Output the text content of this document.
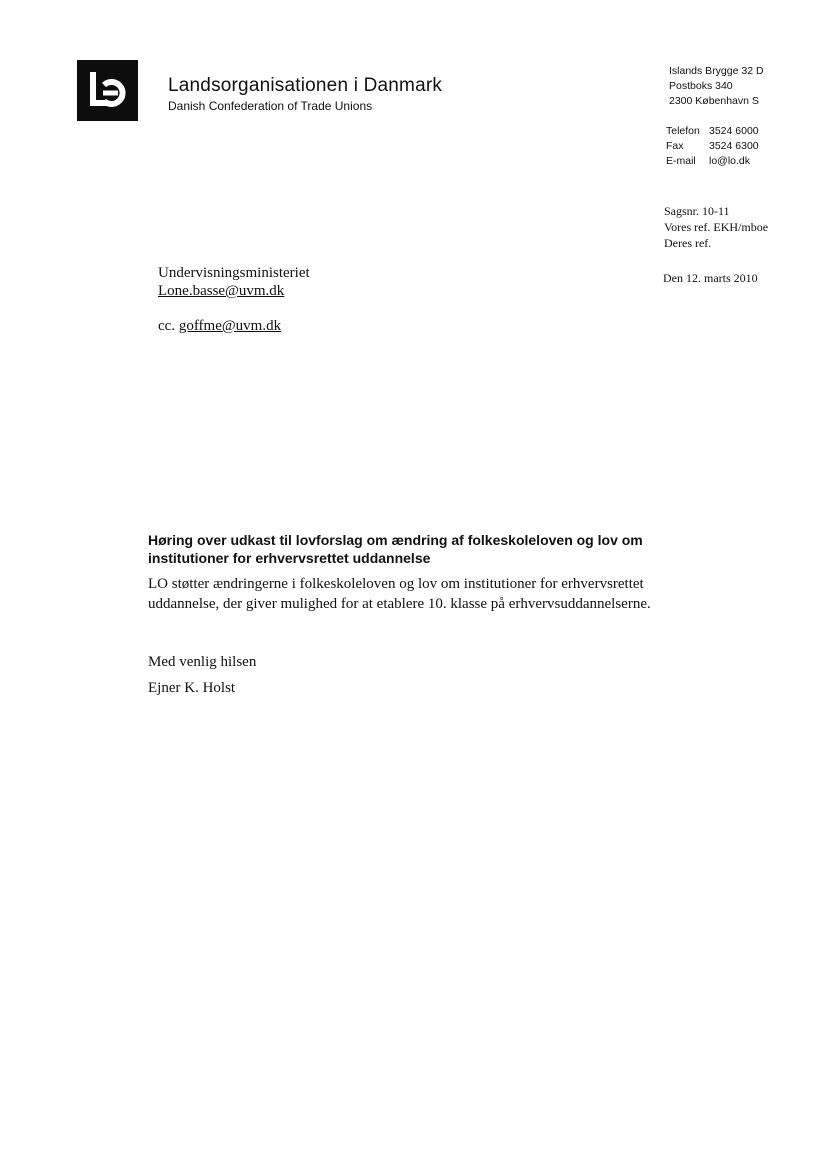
Landsorganisationen i Danmark
Danish Confederation of Trade Unions
Islands Brygge 32 D
Postboks 340
2300 København S
Telefon 3524 6000
Fax 3524 6300
E-mail lo@lo.dk
Sagsnr. 10-11
Vores ref. EKH/mboe
Deres ref.
Den 12. marts 2010
Undervisningsministeriet
Lone.basse@uvm.dk
cc. goffme@uvm.dk
Høring over udkast til lovforslag om ændring af folkeskoleloven og lov om institutioner for erhvervsrettet uddannelse
LO støtter ændringerne i folkeskoleloven og lov om institutioner for erhvervsrettet uddannelse, der giver mulighed for at etablere 10. klasse på erhvervsuddannelserne.
Med venlig hilsen
Ejner K. Holst
